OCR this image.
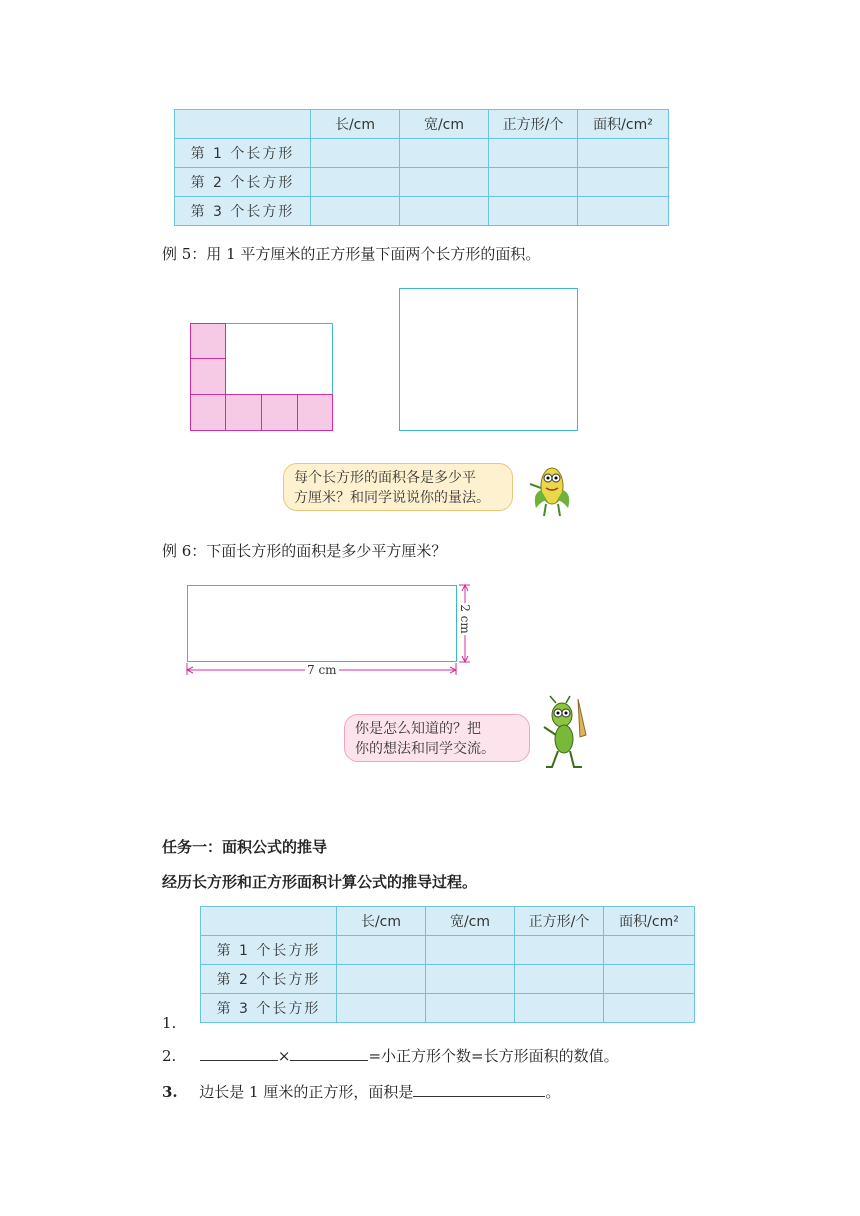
	长/cm	宽/cm	正方形/个	面积/cm²
第 1 个长方形				
第 2 个长方形				
第 3 个长方形				
例 5：用 1 平方厘米的正方形量下面两个长方形的面积。
每个长方形的面积各是多少平
方厘米？和同学说说你的量法。
例 6：下面长方形的面积是多少平方厘米？
2 cm
7 cm
你是怎么知道的？把
你的想法和同学交流。
任务一：面积公式的推导
经历长方形和正方形面积计算公式的推导过程。
	长/cm	宽/cm	正方形/个	面积/cm²
第 1 个长方形				
第 2 个长方形				
第 3 个长方形				
1.
2.	×	=小正方形个数=长方形面积的数值。
3. 边长是 1 厘米的正方形，面积是	。
